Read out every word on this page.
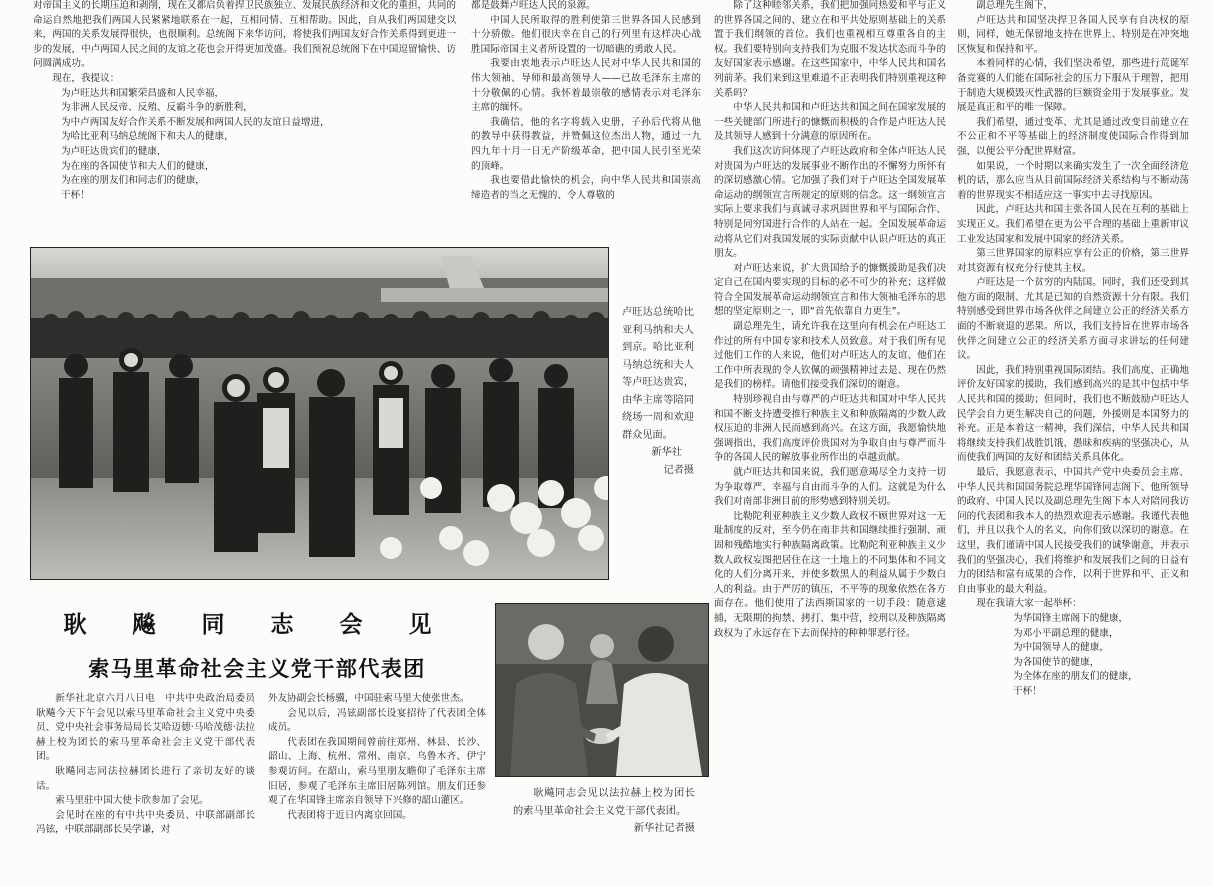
对帝国主义的长期压迫和剥削，现在又都启负着捍卫民族独立、发展民族经济和文化的重担，共同的命运自然地把我们两国人民紧紧地联系在一起，互相同情、互相帮助。因此，自从我们两国建交以来，两国的关系发展得很快，也很顺利。总统阁下来华访问，将使我们两国友好合作关系得到更进一步的发展，中卢两国人民之间的友谊之花也会开得更加茂盛。我们预祝总统阁下在中国逗留愉快、访问圆满成功。

现在，我提议：

为卢旺达共和国繁荣昌盛和人民幸福，
为非洲人民反帝、反殖、反霸斗争的新胜利，
为中卢两国友好合作关系不断发展和两国人民的友谊日益增进，
为哈比亚利马纳总统阁下和夫人的健康，
为卢旺达贵宾们的健康，
为在座的各国使节和夫人们的健康，
为在座的朋友们和同志们的健康，
干杯！

都是鼓舞卢旺达人民的泉源。

中国人民所取得的胜利使第三世界各国人民感到十分骄傲。他们很庆幸在自己的行列里有这样决心战胜国际帝国主义者所设置的一切暗礁的勇敢人民。

我要由衷地表示卢旺达人民对中华人民共和国的伟大领袖、导师和最高领导人——已故毛泽东主席的十分敬佩的心情。我怀着最崇敬的感情表示对毛泽东主席的缅怀。

我确信，他的名字将载入史册，子孙后代将从他的教导中获得教益，并赞佩这位杰出人物，通过一九四九年十月一日无产阶级革命，把中国人民引至光荣的顶峰。

我也要借此愉快的机会，向中华人民共和国崇高缔造者的当之无愧的、令人尊敬的

除了这种睦邻关系，我们把加强同热爱和平与正义的世界各国之间的、建立在和平共处原则基础上的关系置于我们纲领的首位。我们也重视相互尊重各自的主权。我们要特别向支持我们为克服不发达状态而斗争的友好国家表示感谢。在这些国家中，中华人民共和国名列前茅。我们来到这里难道不正表明我们特别重视这种关系吗？

中华人民共和国和卢旺达共和国之间在国家发展的一些关键部门所进行的慷慨而积极的合作是卢旺达人民及其领导人感到十分满意的原因所在。

我们这次访问体现了卢旺达政府和全体卢旺达人民对贵国为卢旺达的发展事业不断作出的不懈努力所怀有的深切感激心情。它加强了我们对于卢旺达全国发展革命运动的纲领宣言所规定的原则的信念。这一纲领宣言实际上要求我们与真诚寻求巩固世界和平与国际合作、特别是同穷国进行合作的人站在一起。全国发展革命运动将从它们对我国发展的实际贡献中认识卢旺达的真正朋友。

对卢旺达来说，扩大贵国给予的慷慨援助是我们决定自己在国内要实现的目标的必不可少的补充；这样做符合全国发展革命运动纲领宣言和伟大领袖毛泽东的思想的坚定原则之一，即“首先依靠自力更生”。

副总理先生，请允许我在这里向有机会在卢旺达工作过的所有中国专家和技术人员致意。对于我们所有见过他们工作的人来说，他们对卢旺达人的友谊、他们在工作中所表现的令人钦佩的顽强精神过去是、现在仍然是我们的榜样。请他们接受我们深切的谢意。

特别珍视自由与尊严的卢旺达共和国对中华人民共和国不断支持遭受推行种族主义和种族隔离的少数人政权压迫的非洲人民而感到高兴。在这方面，我愿愉快地强调指出，我们高度评价贵国对为争取自由与尊严而斗争的各国人民的解放事业所作出的卓越贡献。

就卢旺达共和国来说，我们愿意竭尽全力支持一切为争取尊严、幸福与自由而斗争的人们。这就是为什么我们对南部非洲目前的形势感到特别关切。

比勒陀利亚种族主义少数人政权不顾世界对这一无耻制度的反对，至今仍在南非共和国继续推行强制、顽固和残酷地实行种族隔离政策。比勒陀利亚种族主义少数人政权妄图把居住在这一土地上的不同集体和不同文化的人们分离开来，并使多数黑人的利益从属于少数白人的利益。由于严厉的镇压，不平等的现象依然在各方面存在。他们使用了法西斯国家的一切手段：随意逮捕，无限期的拘禁、拷打、集中营，绞刑以及种族隔离政权为了永远存在下去而保持的种种罪恶行径。

副总理先生阁下，

卢旺达共和国坚决捍卫各国人民享有自决权的原则，同样，她无保留地支持在世界上、特别是在冲突地区恢复和保持和平。

本着同样的心情，我们坚决希望，那些进行荒诞军备竞赛的人们能在国际社会的压力下服从于理智，把用于制造大规模毁灭性武器的巨额资金用于发展事业。发展是真正和平的唯一保障。

我们希望，通过变革、尤其是通过改变目前建立在不公正和不平等基础上的经济制度使国际合作得到加强，以便公平分配世界财富。

如果说，一个时期以来确实发生了一次全面经济危机的话，那么应当从目前国际经济关系结构与不断动荡着的世界现实不相适应这一事实中去寻找原因。

因此，卢旺达共和国主张各国人民在互利的基础上实现正义。我们希望在更为公平合理的基础上重新审议工业发达国家和发展中国家的经济关系。

第三世界国家的原料应享有公正的价格，第三世界对其资源有权充分行使其主权。

卢旺达是一个贫穷的内陆国。同时，我们还受到其他方面的限制、尤其是已知的自然资源十分有限。我们特别感受到世界市场各伙伴之间建立公正的经济关系方面的不断衰退的恶果。所以，我们支持旨在世界市场各伙伴之间建立公正的经济关系方面寻求讲坛的任何建议。

因此，我们特别重视国际团结。我们高度、正确地评价友好国家的援助，我们感到高兴的是其中包括中华人民共和国的援助；但同时，我们也不断鼓励卢旺达人民学会自力更生解决自己的问题，外援则是本国努力的补充。正是本着这一精神，我们深信，中华人民共和国将继续支持我们战胜饥饿、愚昧和疾病的坚强决心，从而使我们两国的友好和团结关系具体化。

最后，我愿意表示，中国共产党中央委员会主席、中华人民共和国国务院总理华国锋同志阁下、他所领导的政府、中国人民以及副总理先生阁下本人对陪同我访问的代表团和我本人的热烈欢迎表示感谢。我谨代表他们，并且以我个人的名义，向你们致以深切的谢意。在这里，我们谨请中国人民接受我们的诚挚谢意，并表示我们的坚强决心，我们将维护和发展我们之间的日益有力的团结和富有成果的合作，以利于世界和平、正义和自由事业的最大利益。

现在我请大家一起举杯：

为华国锋主席阁下的健康，
为邓小平副总理的健康，
为中国领导人的健康，
为各国使节的健康，
为全体在座的朋友们的健康，
干杯！

卢旺达总统哈比亚利马纳和夫人到京。哈比亚利马纳总统和夫人等卢旺达贵宾，由华主席等陪同绕场一周和欢迎群众见面。

新华社
记者摄
耿 飚 同 志 会 见
索马里革命社会主义党干部代表团

新华社北京六月八日电　中共中央政治局委员耿飚今天下午会见以索马里革命社会主义党中央委员、党中央社会事务局局长艾哈迈德·马哈茂德·法拉赫上校为团长的索马里革命社会主义党干部代表团。

耿飚同志同法拉赫团长进行了亲切友好的谈话。

索马里驻中国大使卡欣参加了会见。

会见时在座的有中共中央委员、中联部副部长冯铉，中联部副部长吴学谦，对

外友协副会长杨骥，中国驻索马里大使张世杰。

会见以后，冯铉副部长设宴招待了代表团全体成员。

代表团在我国期间曾前往郑州、林县、长沙、韶山、上海、杭州、常州、南京、乌鲁木齐、伊宁参观访问。在韶山，索马里朋友瞻仰了毛泽东主席旧居，参观了毛泽东主席旧居陈列馆。朋友们还参观了在华国锋主席亲自领导下兴修的韶山灌区。

代表团将于近日内离京回国。

耿飚同志会见以法拉赫上校为团长的索马里革命社会主义党干部代表团。

新华社记者摄
